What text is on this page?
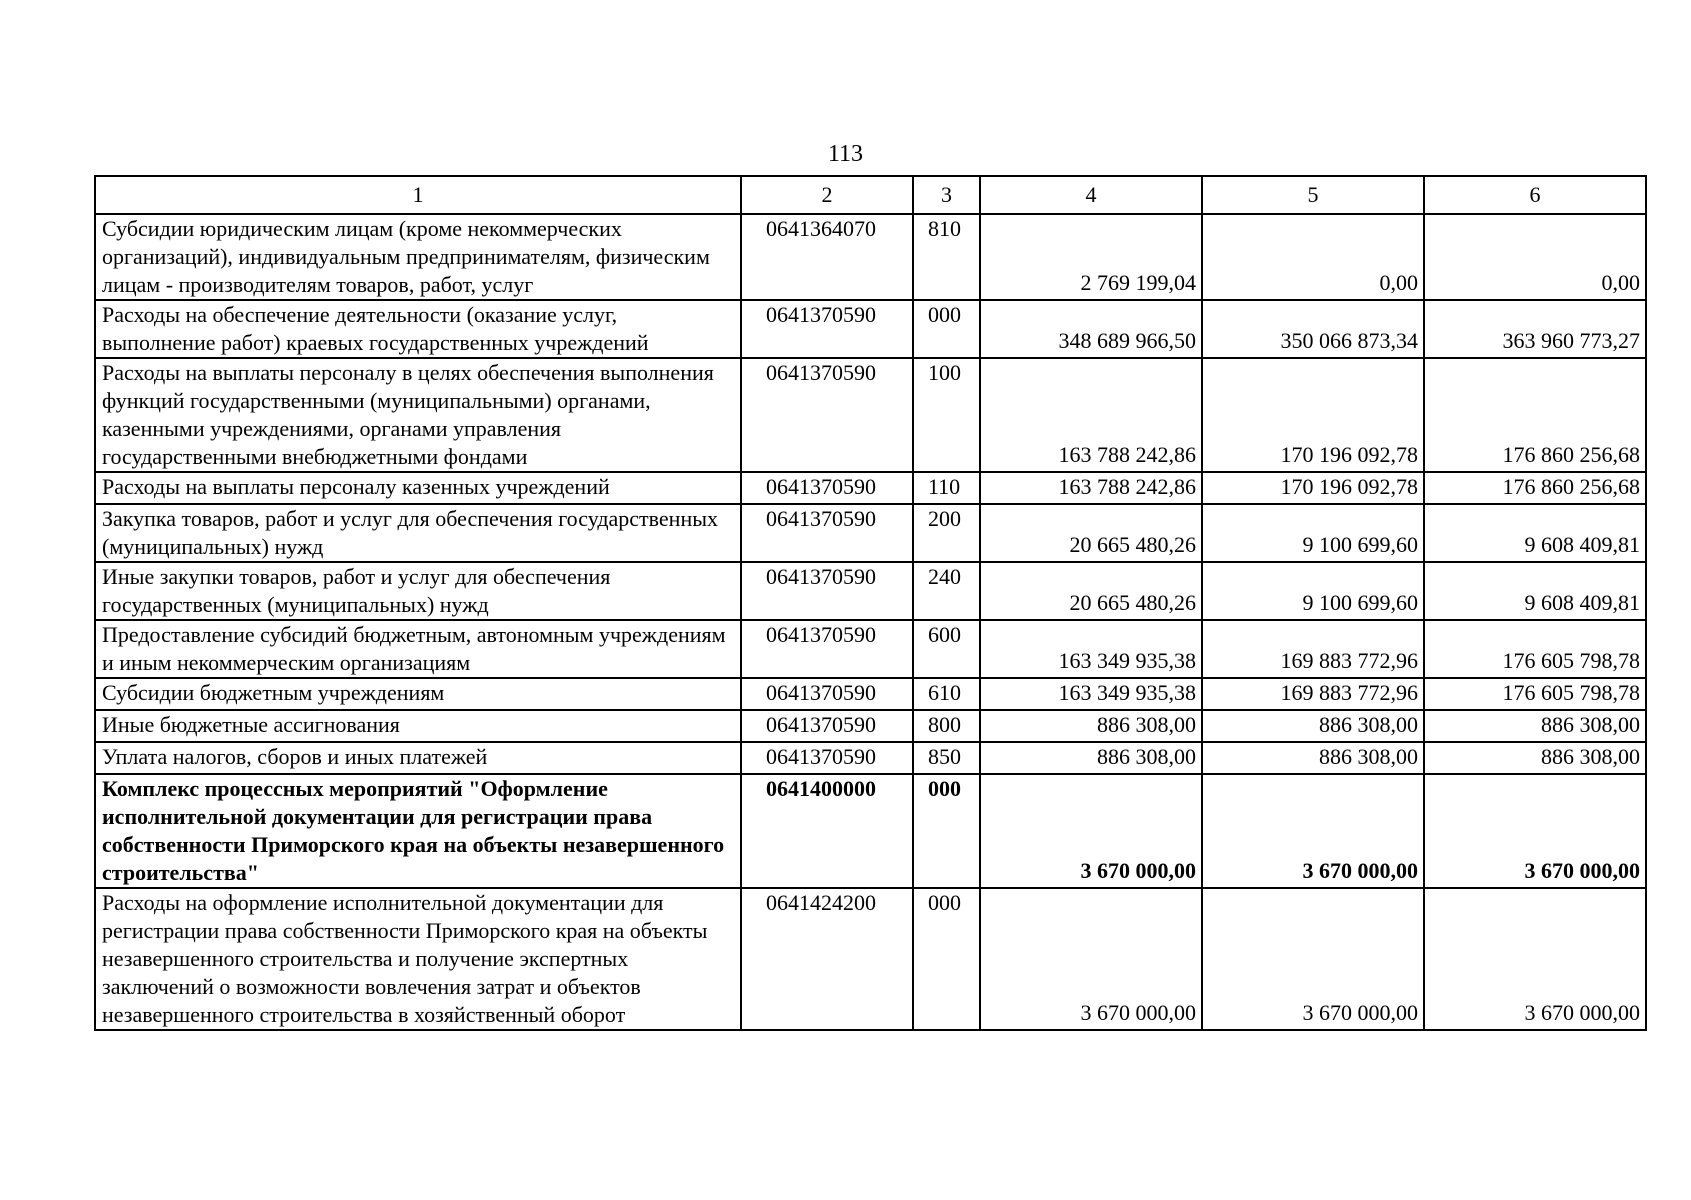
113
1	2	3	4	5	6
Субсидии юридическим лицам (кроме некоммерческих организаций), индивидуальным предпринимателям, физическим лицам - производителям товаров, работ, услуг	0641364070	810	2 769 199,04	0,00	0,00
Расходы на обеспечение деятельности (оказание услуг, выполнение работ) краевых государственных учреждений	0641370590	000	348 689 966,50	350 066 873,34	363 960 773,27
Расходы на выплаты персоналу в целях обеспечения выполнения функций государственными (муниципальными) органами, казенными учреждениями, органами управления государственными внебюджетными фондами	0641370590	100	163 788 242,86	170 196 092,78	176 860 256,68
Расходы на выплаты персоналу казенных учреждений	0641370590	110	163 788 242,86	170 196 092,78	176 860 256,68
Закупка товаров, работ и услуг для обеспечения государственных (муниципальных) нужд	0641370590	200	20 665 480,26	9 100 699,60	9 608 409,81
Иные закупки товаров, работ и услуг для обеспечения государственных (муниципальных) нужд	0641370590	240	20 665 480,26	9 100 699,60	9 608 409,81
Предоставление субсидий бюджетным, автономным учреждениям и иным некоммерческим организациям	0641370590	600	163 349 935,38	169 883 772,96	176 605 798,78
Субсидии бюджетным учреждениям	0641370590	610	163 349 935,38	169 883 772,96	176 605 798,78
Иные бюджетные ассигнования	0641370590	800	886 308,00	886 308,00	886 308,00
Уплата налогов, сборов и иных платежей	0641370590	850	886 308,00	886 308,00	886 308,00
Комплекс процессных мероприятий "Оформление исполнительной документации для регистрации права собственности Приморского края на объекты незавершенного строительства"	0641400000	000	3 670 000,00	3 670 000,00	3 670 000,00
Расходы на оформление исполнительной документации для регистрации права собственности Приморского края на объекты незавершенного строительства и получение экспертных заключений о возможности вовлечения затрат и объектов незавершенного строительства в хозяйственный оборот	0641424200	000	3 670 000,00	3 670 000,00	3 670 000,00
